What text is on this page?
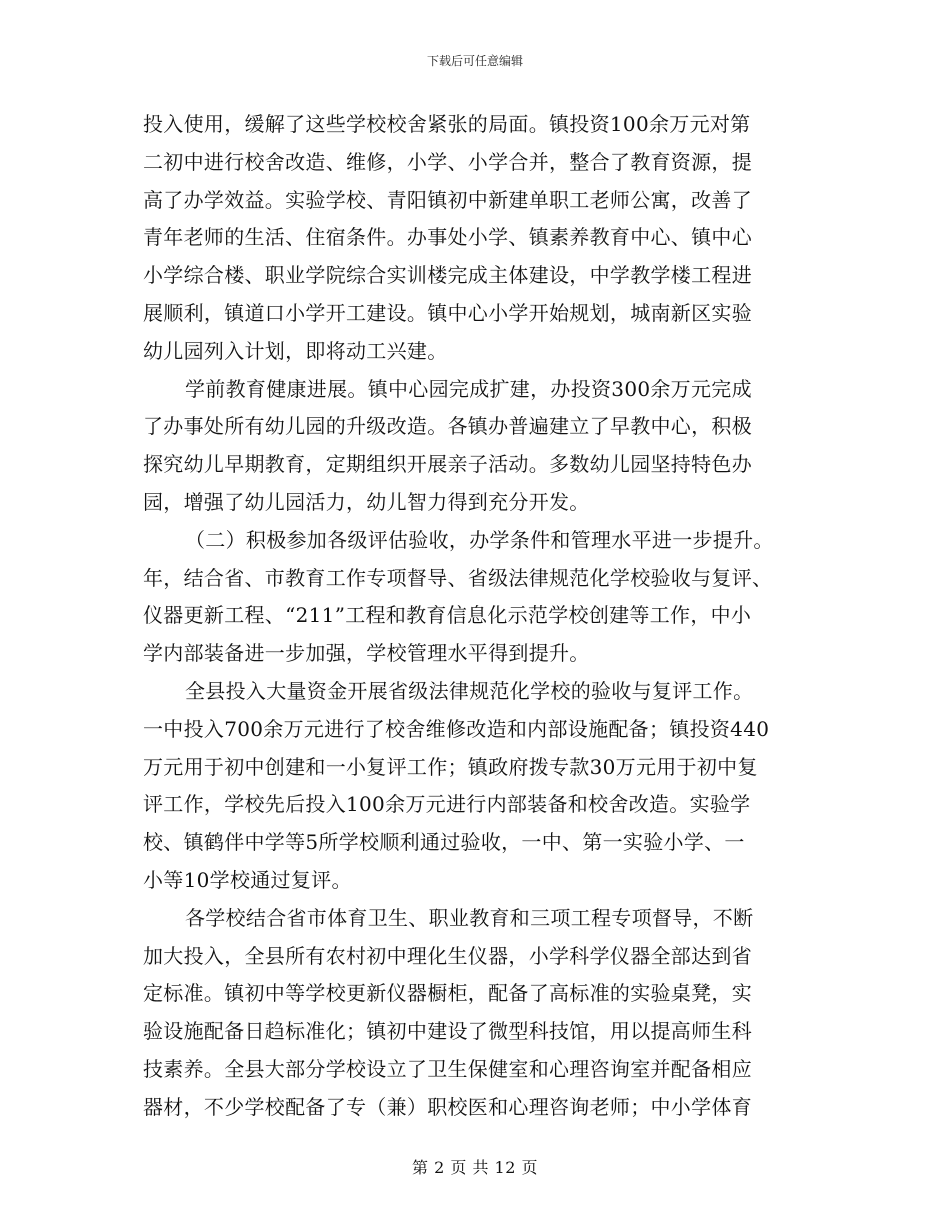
下载后可任意编辑
投入使用，缓解了这些学校校舍紧张的局面。镇投资100余万元对第
二初中进行校舍改造、维修，小学、小学合并，整合了教育资源，提
高了办学效益。实验学校、青阳镇初中新建单职工老师公寓，改善了
青年老师的生活、住宿条件。办事处小学、镇素养教育中心、镇中心
小学综合楼、职业学院综合实训楼完成主体建设，中学教学楼工程进
展顺利，镇道口小学开工建设。镇中心小学开始规划，城南新区实验
幼儿园列入计划，即将动工兴建。
学前教育健康进展。镇中心园完成扩建，办投资300余万元完成
了办事处所有幼儿园的升级改造。各镇办普遍建立了早教中心，积极
探究幼儿早期教育，定期组织开展亲子活动。多数幼儿园坚持特色办
园，增强了幼儿园活力，幼儿智力得到充分开发。
（二）积极参加各级评估验收，办学条件和管理水平进一步提升。
年，结合省、市教育工作专项督导、省级法律规范化学校验收与复评、
仪器更新工程、“211”工程和教育信息化示范学校创建等工作，中小
学内部装备进一步加强，学校管理水平得到提升。
全县投入大量资金开展省级法律规范化学校的验收与复评工作。
一中投入700余万元进行了校舍维修改造和内部设施配备；镇投资440
万元用于初中创建和一小复评工作；镇政府拨专款30万元用于初中复
评工作，学校先后投入100余万元进行内部装备和校舍改造。实验学
校、镇鹤伴中学等5所学校顺利通过验收，一中、第一实验小学、一
小等10学校通过复评。
各学校结合省市体育卫生、职业教育和三项工程专项督导，不断
加大投入，全县所有农村初中理化生仪器，小学科学仪器全部达到省
定标准。镇初中等学校更新仪器橱柜，配备了高标准的实验桌凳，实
验设施配备日趋标准化；镇初中建设了微型科技馆，用以提高师生科
技素养。全县大部分学校设立了卫生保健室和心理咨询室并配备相应
器材，不少学校配备了专（兼）职校医和心理咨询老师；中小学体育
第 2 页 共 12 页
